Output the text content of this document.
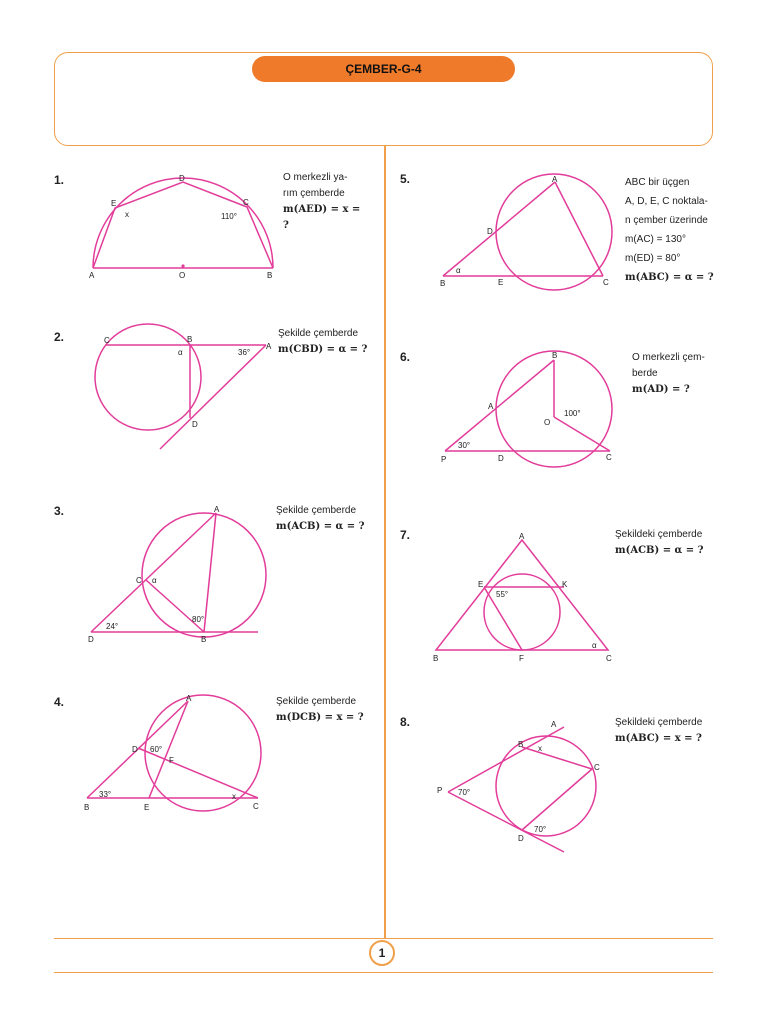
ÇEMBER-G-4
1.
A	O	B
D
E	C
x	110°
O merkezli ya-
rım çemberde
m(AED) = x = ?
2.	C	B
A
D
α	36°
Şekilde çemberde
m(CBD) = α = ?
3.	A
C
B
D
α
24°
80°
Şekilde çemberde
m(ACB) = α = ?
4.	A
D
F
B	E	C
x
60°
33°
Şekilde çemberde
m(DCB) = x = ?
5.	A
D
B	E	C
α
ABC bir üçgen
A, D, E, C noktala-
n çember üzerinde
m(AC) = 130°
m(ED) = 80°
m(ABC) = α = ?
6.	B
A
O
P	D	C
100°
30°
O merkezli çem-
berde
m(AD) = ?
7.	A
E	K
B	F	C
α
55°
Şekildeki çemberde
m(ACB) = α = ?
8.	A
B
C
P
D
x
70°
70°
Şekildeki çemberde
m(ABC) = x = ?
1
